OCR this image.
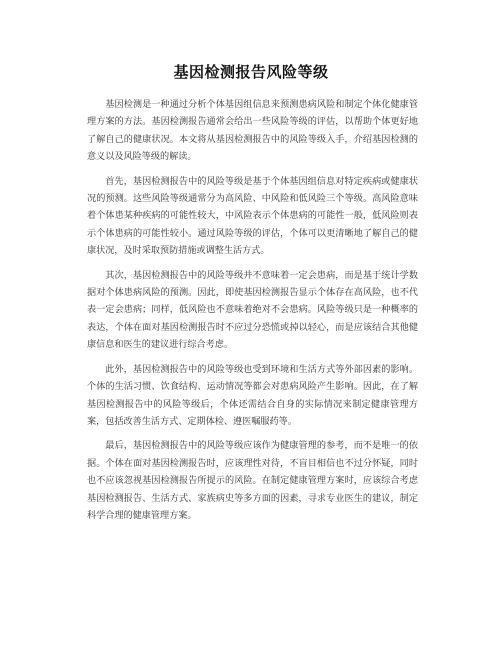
基因检测报告风险等级

基因检测是一种通过分析个体基因组信息来预测患病风险和制定个体化健康管理方案的方法。基因检测报告通常会给出一些风险等级的评估，以帮助个体更好地了解自己的健康状况。本文将从基因检测报告中的风险等级入手，介绍基因检测的意义以及风险等级的解读。

首先，基因检测报告中的风险等级是基于个体基因组信息对特定疾病或健康状况的预测。这些风险等级通常分为高风险、中风险和低风险三个等级。高风险意味着个体患某种疾病的可能性较大，中风险表示个体患病的可能性一般，低风险则表示个体患病的可能性较小。通过风险等级的评估，个体可以更清晰地了解自己的健康状况，及时采取预防措施或调整生活方式。

其次，基因检测报告中的风险等级并不意味着一定会患病，而是基于统计学数据对个体患病风险的预测。因此，即使基因检测报告显示个体存在高风险，也不代表一定会患病；同样，低风险也不意味着绝对不会患病。风险等级只是一种概率的表达，个体在面对基因检测报告时不应过分恐慌或掉以轻心，而是应该结合其他健康信息和医生的建议进行综合考虑。

此外，基因检测报告中的风险等级也受到环境和生活方式等外部因素的影响。个体的生活习惯、饮食结构、运动情况等都会对患病风险产生影响。因此，在了解基因检测报告中的风险等级后，个体还需结合自身的实际情况来制定健康管理方案，包括改善生活方式、定期体检、遵医嘱服药等。

最后，基因检测报告中的风险等级应该作为健康管理的参考，而不是唯一的依据。个体在面对基因检测报告时，应该理性对待，不盲目相信也不过分怀疑，同时也不应该忽视基因检测报告所提示的风险。在制定健康管理方案时，应该综合考虑基因检测报告、生活方式、家族病史等多方面的因素，寻求专业医生的建议，制定科学合理的健康管理方案。
